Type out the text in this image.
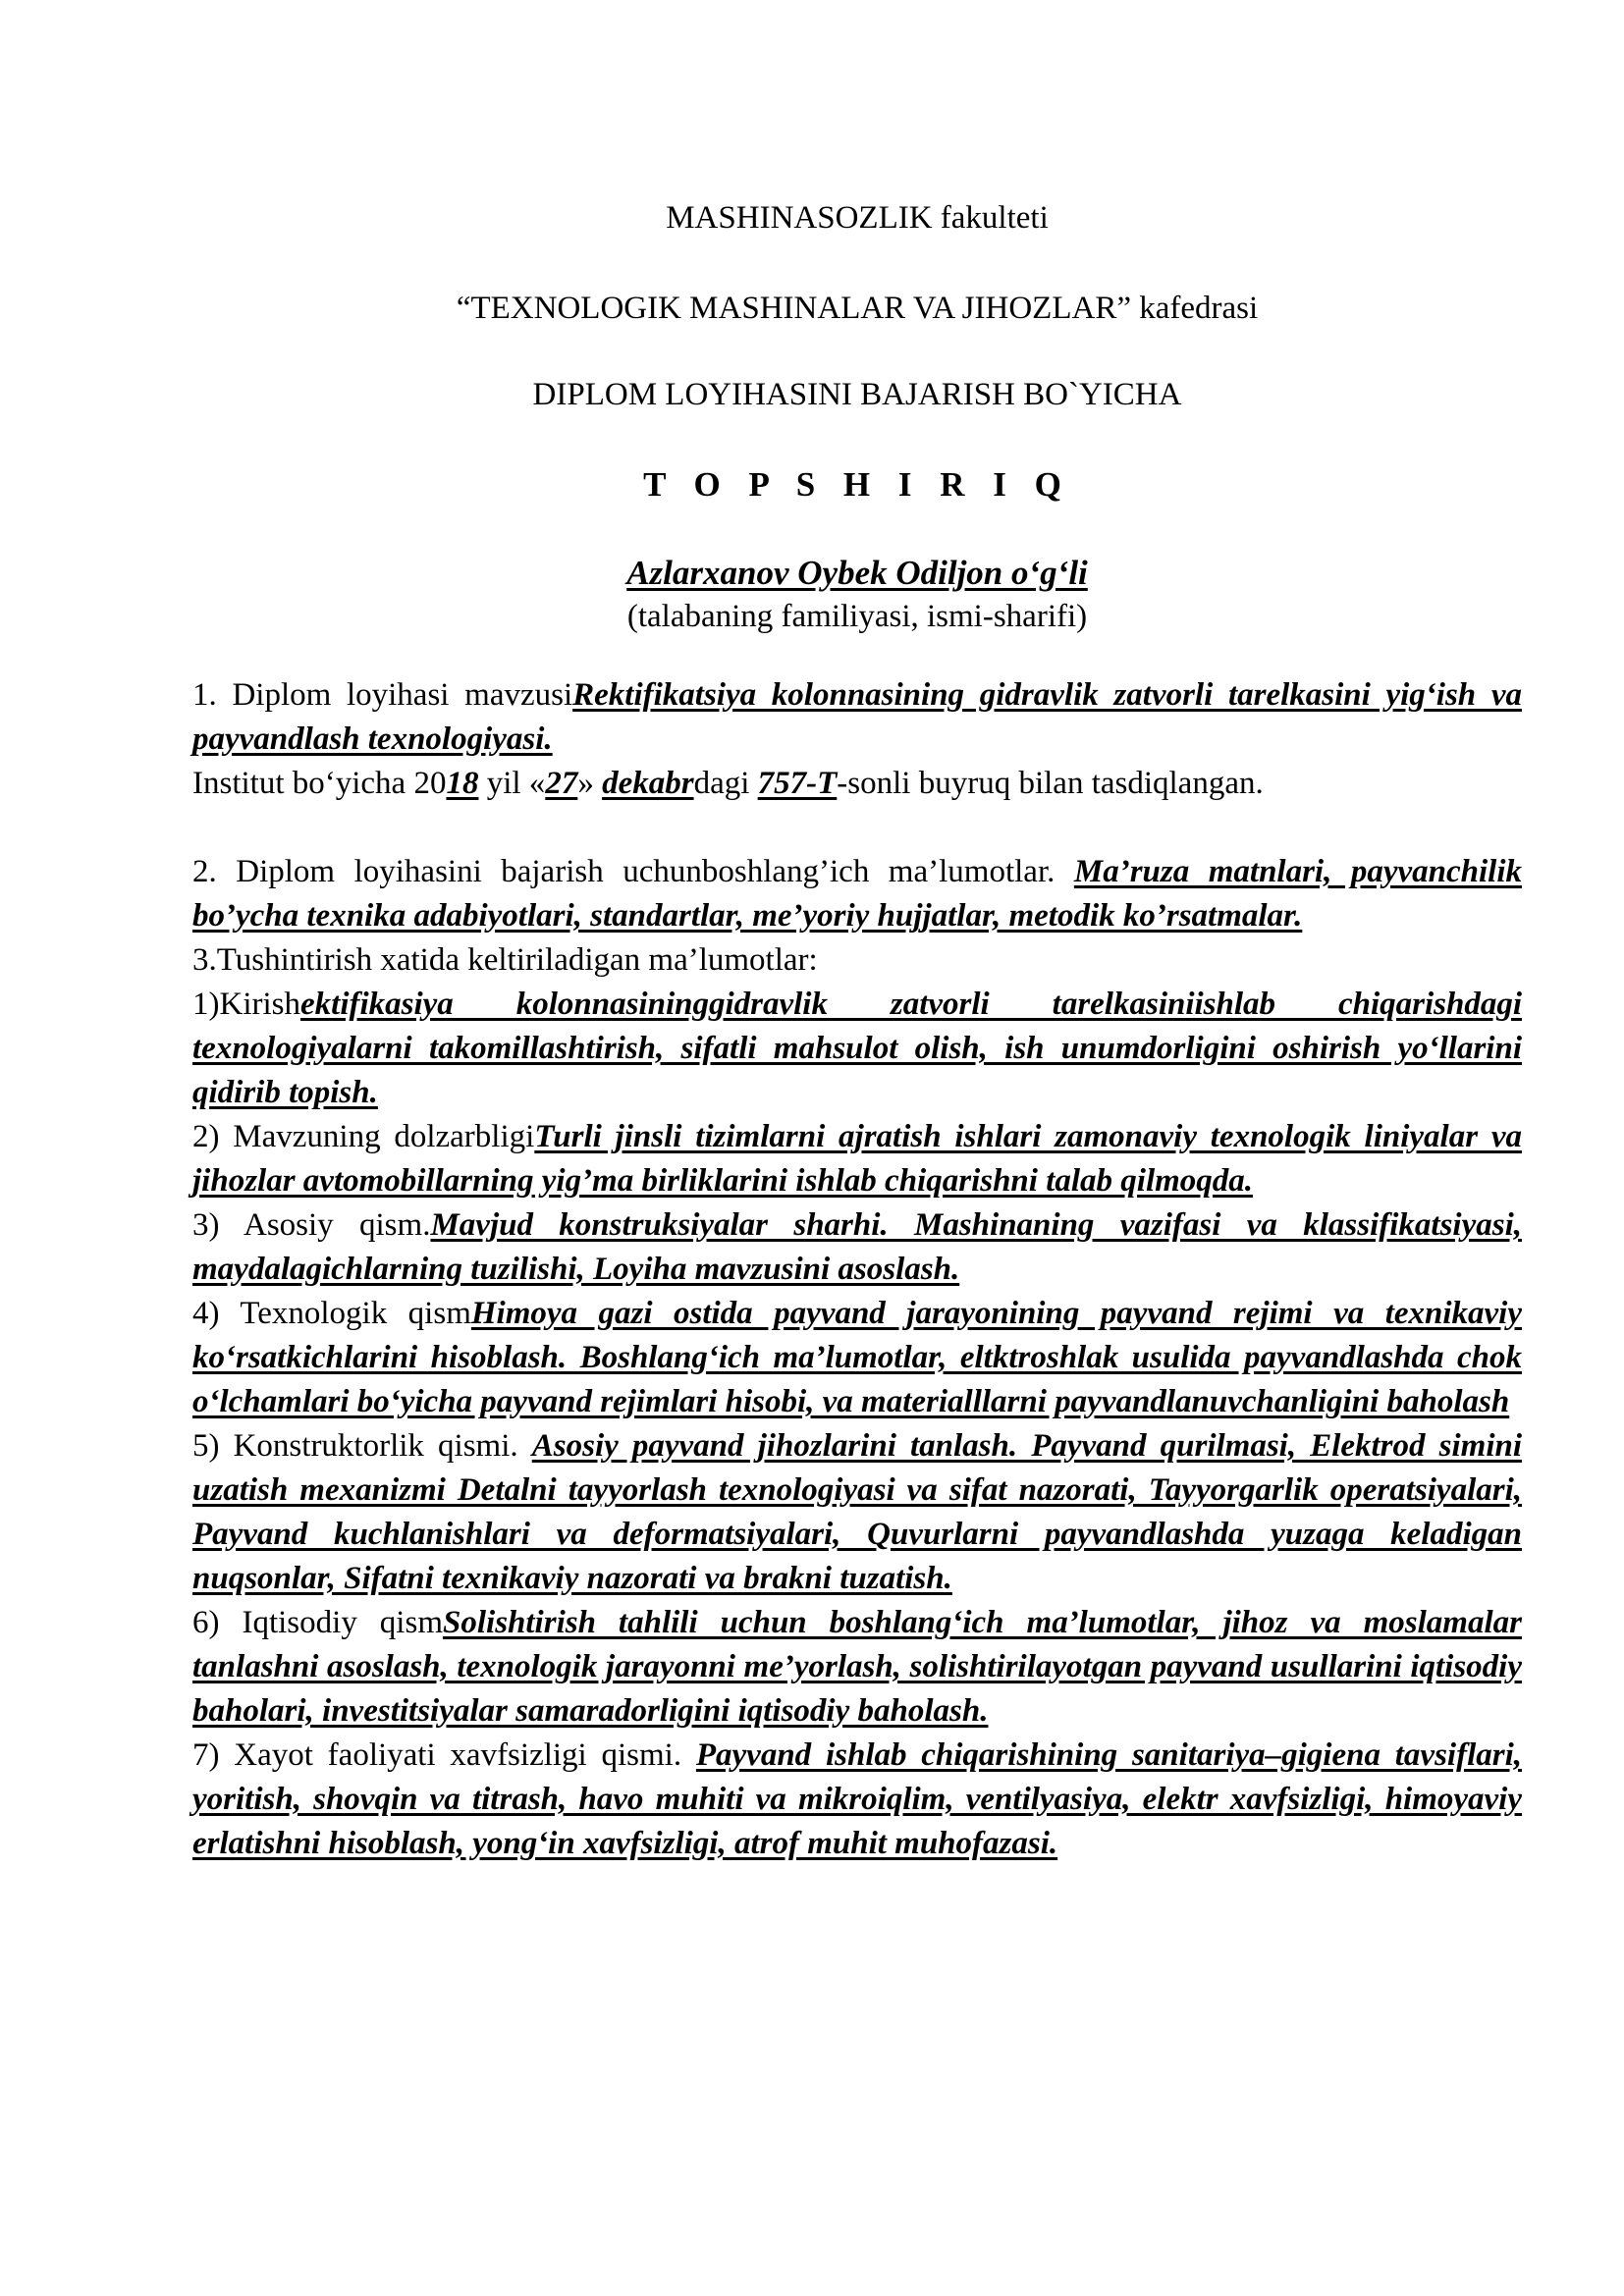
MASHINASOZLIK fakulteti
“TEXNOLOGIK MASHINALAR VA JIHOZLAR” kafedrasi
DIPLOM LOYIHASINI BAJARISH BO`YICHA
T O P S H I R I Q
Azlarxanov Oybek Odiljon o‘g‘li
(talabaning familiyasi, ismi-sharifi)

1. Diplom loyihasi mavzusiRektifikatsiya kolonnasining gidravlik zatvorli tarelkasini yig‘ish va payvandlash texnologiyasi.

Institut bo‘yicha 2018 yil «27» dekabrdagi 757-T-sonli buyruq bilan tasdiqlangan.

2. Diplom loyihasini bajarish uchunboshlang’ich ma’lumotlar. Ma’ruza matnlari, payvanchilik bo’ycha texnika adabiyotlari, standartlar, me’yoriy hujjatlar, metodik ko’rsatmalar.

3.Tushintirish xatida keltiriladigan ma’lumotlar:

1)Kirishektifikasiya kolonnasininggidravlik zatvorli tarelkasiniishlab chiqarishdagi texnologiyalarni takomillashtirish, sifatli mahsulot olish, ish unumdorligini oshirish yo‘llarini qidirib topish.

2) Mavzuning dolzarbligiTurli jinsli tizimlarni ajratish ishlari zamonaviy texnologik liniyalar va jihozlar avtomobillarning yig’ma birliklarini ishlab chiqarishni talab qilmoqda.

3) Asosiy qism.Mavjud konstruksiyalar sharhi. Mashinaning vazifasi va klassifikatsiyasi, maydalagichlarning tuzilishi, Loyiha mavzusini asoslash.

4) Texnologik qismHimoya gazi ostida payvand jarayonining payvand rejimi va texnikaviy ko‘rsatkichlarini hisoblash. Boshlang‘ich ma’lumotlar, eltktroshlak usulida payvandlashda chok o‘lchamlari bo‘yicha payvand rejimlari hisobi, va materialllarni payvandlanuvchanligini baholash

5) Konstruktorlik qismi. Asosiy payvand jihozlarini tanlash. Payvand qurilmasi, Elektrod simini uzatish mexanizmi Detalni tayyorlash texnologiyasi va sifat nazorati, Tayyorgarlik operatsiyalari, Payvand kuchlanishlari va deformatsiyalari, Quvurlarni payvandlashda yuzaga keladigan nuqsonlar, Sifatni texnikaviy nazorati va brakni tuzatish.

6) Iqtisodiy qismSolishtirish tahlili uchun boshlang‘ich ma’lumotlar, jihoz va moslamalar tanlashni asoslash, texnologik jarayonni me’yorlash, solishtirilayotgan payvand usullarini iqtisodiy baholari, investitsiyalar samaradorligini iqtisodiy baholash.

7) Xayot faoliyati xavfsizligi qismi. Payvand ishlab chiqarishining sanitariya–gigiena tavsiflari, yoritish, shovqin va titrash, havo muhiti va mikroiqlim, ventilyasiya, elektr xavfsizligi, himoyaviy erlatishni hisoblash, yong‘in xavfsizligi, atrof muhit muhofazasi.
